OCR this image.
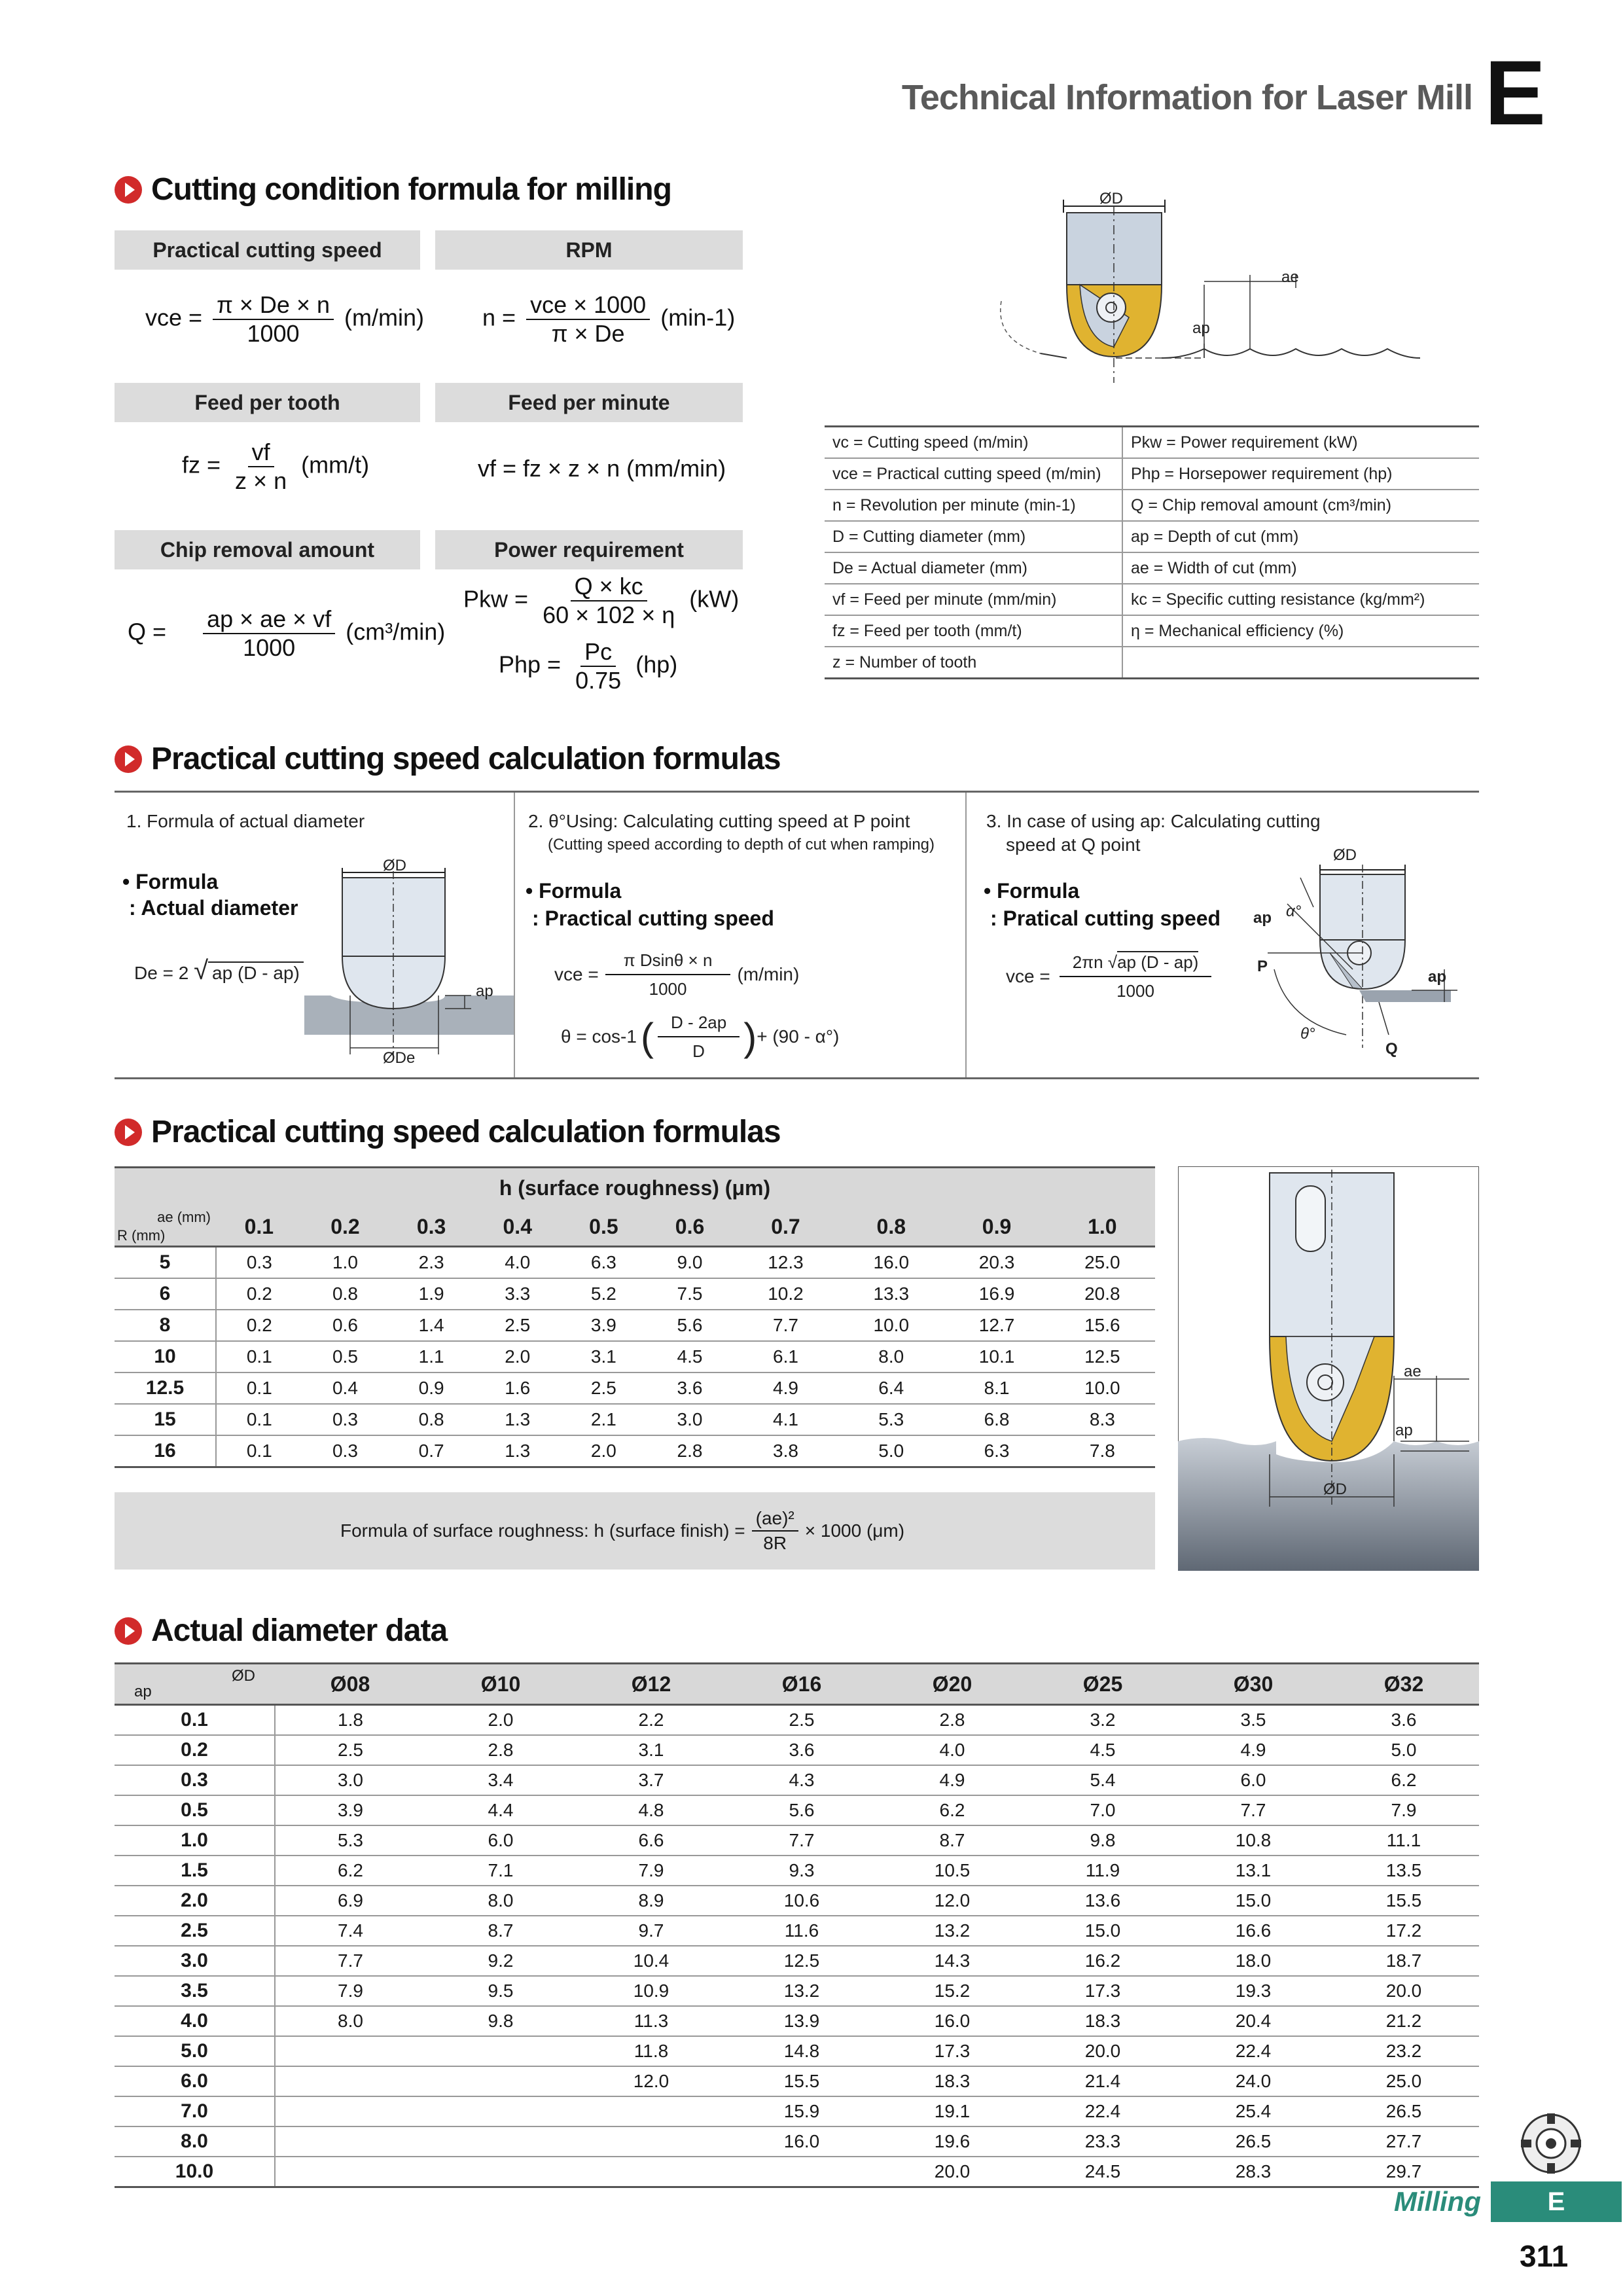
Technical Information for Laser Mill E
Cutting condition formula for milling
Practical cutting speed	RPM
vce = $\frac{\pi \times De \times n}{1000} (m/\min) n = \frac{\text{vce × 1000}}{\pi \times De} (\min-1)$
Feed per tooth	Feed per minute
fz = $\frac{vf}{z \times n} (mm/t)$	vf = fz × z × n (mm/min)
Chip removal amount	Power requirement
$Q = \frac{ap \times ae \times vf}{1000} (cm^3/\min)$
Pkw = $\frac{Q \times kc}{60 \times 102 \times \eta} (kW)$
Php = $\frac{Pc}{0.75} (hp)$
ØD
ae
ap
vc = Cutting speed (m/min)	Pkw = Power requirement (kW)
vce = Practical cutting speed (m/min)	Php = Horsepower requirement (hp)
n = Revolution per minute (min-1)	Q = Chip removal amount (cm³/min)
D = Cutting diameter (mm)	ap = Depth of cut (mm)
De = Actual diameter (mm)	ae = Width of cut (mm)
vf = Feed per minute (mm/min)	kc = Specific cutting resistance (kg/mm²)
fz = Feed per tooth (mm/t)	η = Mechanical efficiency (%)
z = Number of tooth	
Practical cutting speed calculation formulas
1. Formula of actual diameter
• Formula
: Actual diameter
De = 2 √ ap (D - ap)
ØD
ØDe
ap
2. θ°Using: Calculating cutting speed at P point
(Cutting speed according to depth of cut when ramping)
• Formula
: Practical cutting speed
vce = $\frac{\text{π Dsinθ × n}}{1000} (m/\min)$
θ = cos-1 ( $\frac{D - 2ap}{D}$ ) + (90 - α°)
3. In case of using ap: Calculating cutting
speed at Q point
• Formula
: Pratical cutting speed
vce = $\frac{2\pi n √ap (D - ap)}{1000}$
ØD
ap α°
P
ap
θ°
Q
Practical cutting speed calculation formulas
h (surface roughness) (μm)										

ae (mm)
R (mm)	0.1	0.2	0.3	0.4	0.5	0.6	0.7	0.8	0.9	1.0
5	0.3	1.0	2.3	4.0	6.3	9.0	12.3	16.0	20.3	25.0
6	0.2	0.8	1.9	3.3	5.2	7.5	10.2	13.3	16.9	20.8
8	0.2	0.6	1.4	2.5	3.9	5.6	7.7	10.0	12.7	15.6
10	0.1	0.5	1.1	2.0	3.1	4.5	6.1	8.0	10.1	12.5
12.5	0.1	0.4	0.9	1.6	2.5	3.6	4.9	6.4	8.1	10.0
15	0.1	0.3	0.8	1.3	2.1	3.0	4.1	5.3	6.8	8.3
16	0.1	0.3	0.7	1.3	2.0	2.8	3.8	5.0	6.3	7.8
Formula of surface roughness: h (surface finish) = $\frac{\text{(ae)²}}{8R} \times 1000$ (μm)
ae
ap
ØD
Actual diameter data
ØD
ap	Ø08	Ø10	Ø12	Ø16	Ø20	Ø25	Ø30	Ø32
0.1	1.8	2.0	2.2	2.5	2.8	3.2	3.5	3.6
0.2	2.5	2.8	3.1	3.6	4.0	4.5	4.9	5.0
0.3	3.0	3.4	3.7	4.3	4.9	5.4	6.0	6.2
0.5	3.9	4.4	4.8	5.6	6.2	7.0	7.7	7.9
1.0	5.3	6.0	6.6	7.7	8.7	9.8	10.8	11.1
1.5	6.2	7.1	7.9	9.3	10.5	11.9	13.1	13.5
2.0	6.9	8.0	8.9	10.6	12.0	13.6	15.0	15.5
2.5	7.4	8.7	9.7	11.6	13.2	15.0	16.6	17.2
3.0	7.7	9.2	10.4	12.5	14.3	16.2	18.0	18.7
3.5	7.9	9.5	10.9	13.2	15.2	17.3	19.3	20.0
4.0	8.0	9.8	11.3	13.9	16.0	18.3	20.4	21.2
5.0			11.8	14.8	17.3	20.0	22.4	23.2
6.0			12.0	15.5	18.3	21.4	24.0	25.0
7.0				15.9	19.1	22.4	25.4	26.5
8.0				16.0	19.6	23.3	26.5	27.7
10.0					20.0	24.5	28.3	29.7
Milling	E
311
